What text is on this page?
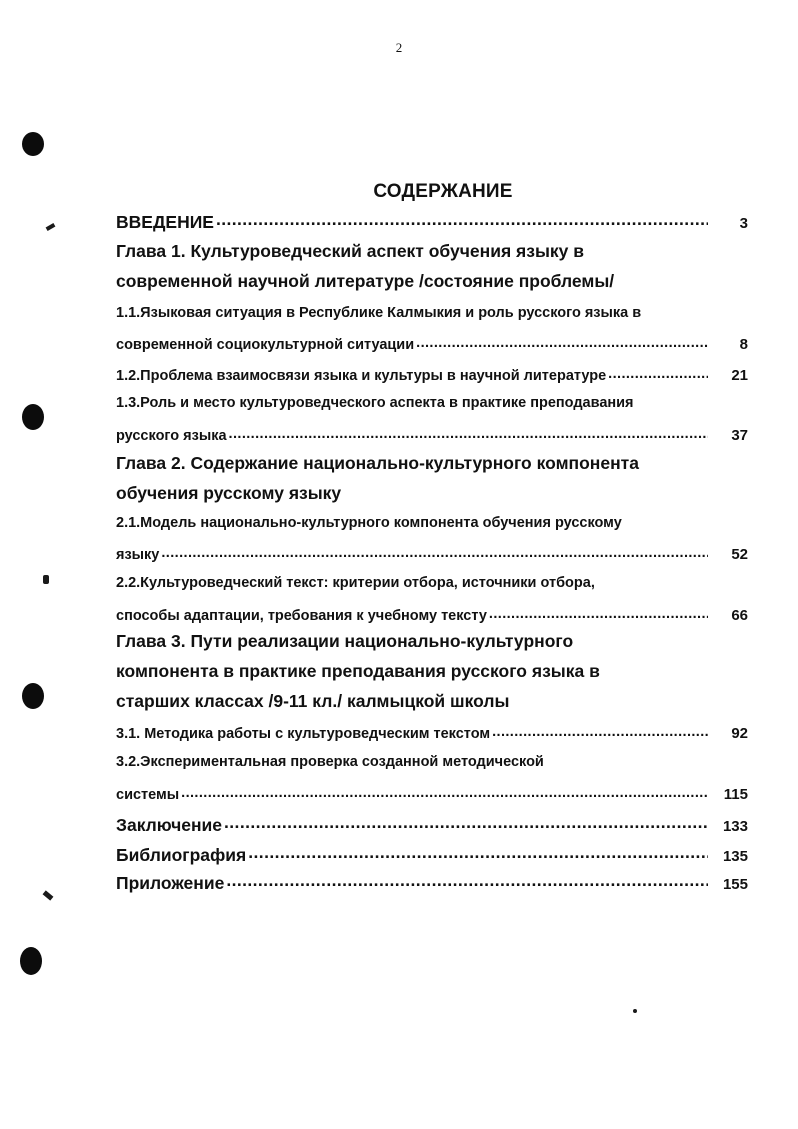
2
СОДЕРЖАНИЕ
ВВЕДЕНИЕ .....	3
Глава 1. Культуроведческий аспект обучения языку в
современной научной литературе /состояние проблемы/
1.1.Языковая ситуация в Республике Калмыкия и роль русского языка в
современной социокультурной ситуации .....	8
1.2.Проблема взаимосвязи языка и культуры в научной литературе .....	21
1.3.Роль и место культуроведческого аспекта в практике преподавания
русского языка .....	37
Глава 2. Содержание национально-культурного компонента
обучения русскому языку
2.1.Модель национально-культурного компонента обучения русскому
языку .....	52
2.2.Культуроведческий текст: критерии отбора, источники отбора,
способы адаптации, требования к учебному тексту .....	66
Глава 3. Пути реализации национально-культурного
компонента в практике преподавания русского языка в
старших классах /9-11 кл./ калмыцкой школы
3.1. Методика работы с культуроведческим текстом .....	92
3.2.Экспериментальная проверка созданной методической
системы .....	115
Заключение .....	133
Библиография .....	135
Приложение .....	155
